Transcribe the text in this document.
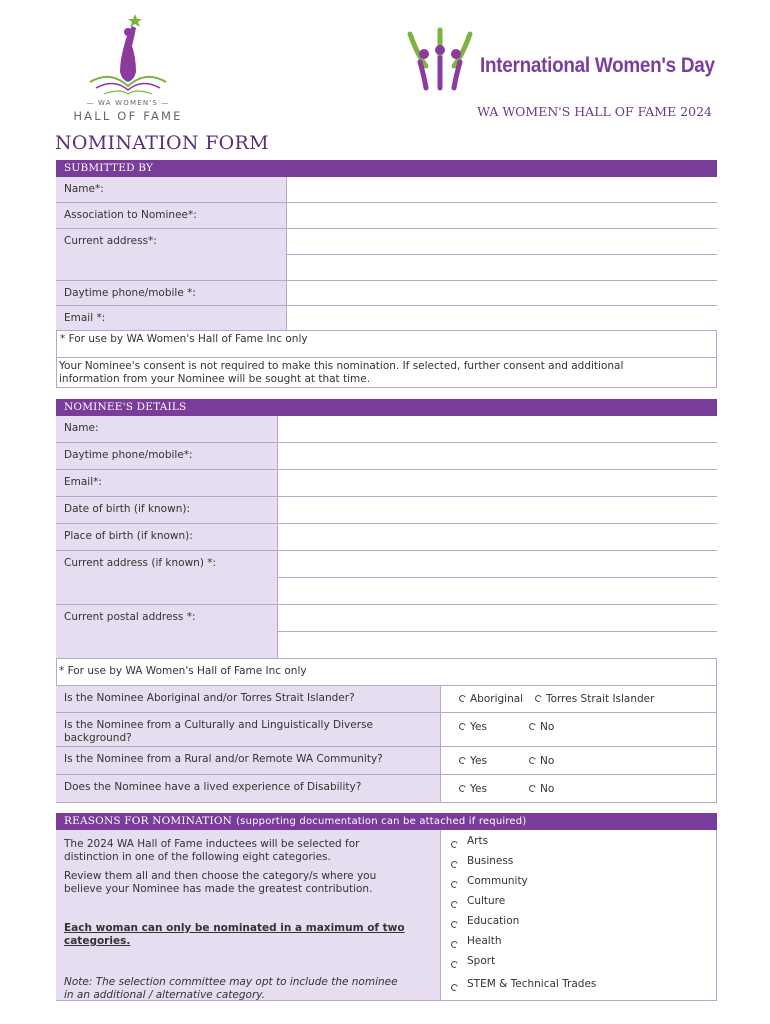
— WA WOMEN'S —
HALL OF FAME
International Women's Day
WA WOMEN'S HALL OF FAME 2024
NOMINATION FORM
SUBMITTED BY
Name*:
Association to Nominee*:
Current address*:
Daytime phone/mobile *:
Email *:
* For use by WA Women's Hall of Fame Inc only
Your Nominee's consent is not required to make this nomination. If selected, further consent and additional
information from your Nominee will be sought at that time.
NOMINEE'S DETAILS
Name:
Daytime phone/mobile*:
Email*:
Date of birth (if known):
Place of birth (if known):
Current address (if known) *:
Current postal address *:
* For use by WA Women's Hall of Fame Inc only
Is the Nominee Aboriginal and/or Torres Strait Islander?	Aboriginal	Torres Strait Islander
Is the Nominee from a Culturally and Linguistically Diverse
background?
Yes	No
Is the Nominee from a Rural and/or Remote WA Community?	Yes	No
Does the Nominee have a lived experience of Disability?	Yes	No
REASONS FOR NOMINATION (supporting documentation can be attached if required)
The 2024 WA Hall of Fame inductees will be selected for
distinction in one of the following eight categories.
Review them all and then choose the category/s where you
believe your Nominee has made the greatest contribution.
Each woman can only be nominated in a maximum of two
categories.
Note: The selection committee may opt to include the nominee
in an additional / alternative category.
Arts
Business
Community
Culture
Education
Health
Sport
STEM & Technical Trades
